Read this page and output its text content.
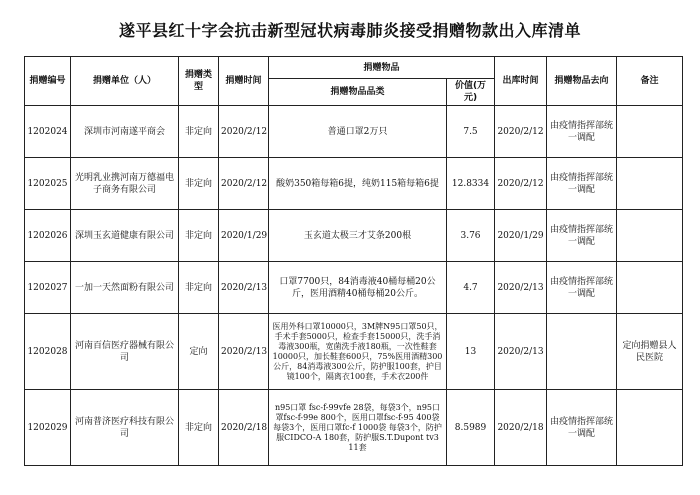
遂平县红十字会抗击新型冠状病毒肺炎接受捐赠物款出入库清单
捐赠编号	捐赠单位（人）	捐赠类型	捐赠时间	捐赠物品		出库时间	捐赠物品去向	备注
				捐赠物品品类	价值(万元)			
1202024	深圳市河南遂平商会	非定向	2020/2/12	普通口罩2万只	7.5	2020/2/12	由疫情指挥部统一调配	
1202025	光明乳业携河南万德福电子商务有限公司	非定向	2020/2/12	酸奶350箱每箱6提，纯奶115箱每箱6提	12.8334	2020/2/12	由疫情指挥部统一调配	
1202026	深圳玉玄道健康有限公司	非定向	2020/1/29	玉玄道太极三才艾条200根	3.76	2020/1/29	由疫情指挥部统一调配	
1202027	一加一天然面粉有限公司	非定向	2020/2/13	口罩7700只，84消毒液40桶每桶20公斤，医用酒精40桶每桶20公斤。	4.7	2020/2/13	由疫情指挥部统一调配	
1202028	河南百信医疗器械有限公司	定向	2020/2/13	医用外科口罩10000只，3M牌N95口罩50只，手术手套5000只，检查手套15000只，洗手消毒液300瓶，宽菌洗手液180瓶，一次性鞋套10000只，加长鞋套600只，75%医用酒精300公斤，84消毒液300公斤，防护服100套，护目镜100个，隔离衣100套，手术衣200件	13	2020/2/13		定向捐赠县人民医院
1202029	河南普济医疗科技有限公司	非定向	2020/2/18	n95口罩 fsc-f-99vfe 28袋，每袋3个，n95口罩fsc-f-99e 800个，医用口罩fsc-f-95 400袋 每袋3个，医用口罩fc-f 1000袋 每袋3个，防护服CIDCO-A 180套，防护服S.T.Dupont tv3 11套	8.5989	2020/2/18	由疫情指挥部统一调配	
